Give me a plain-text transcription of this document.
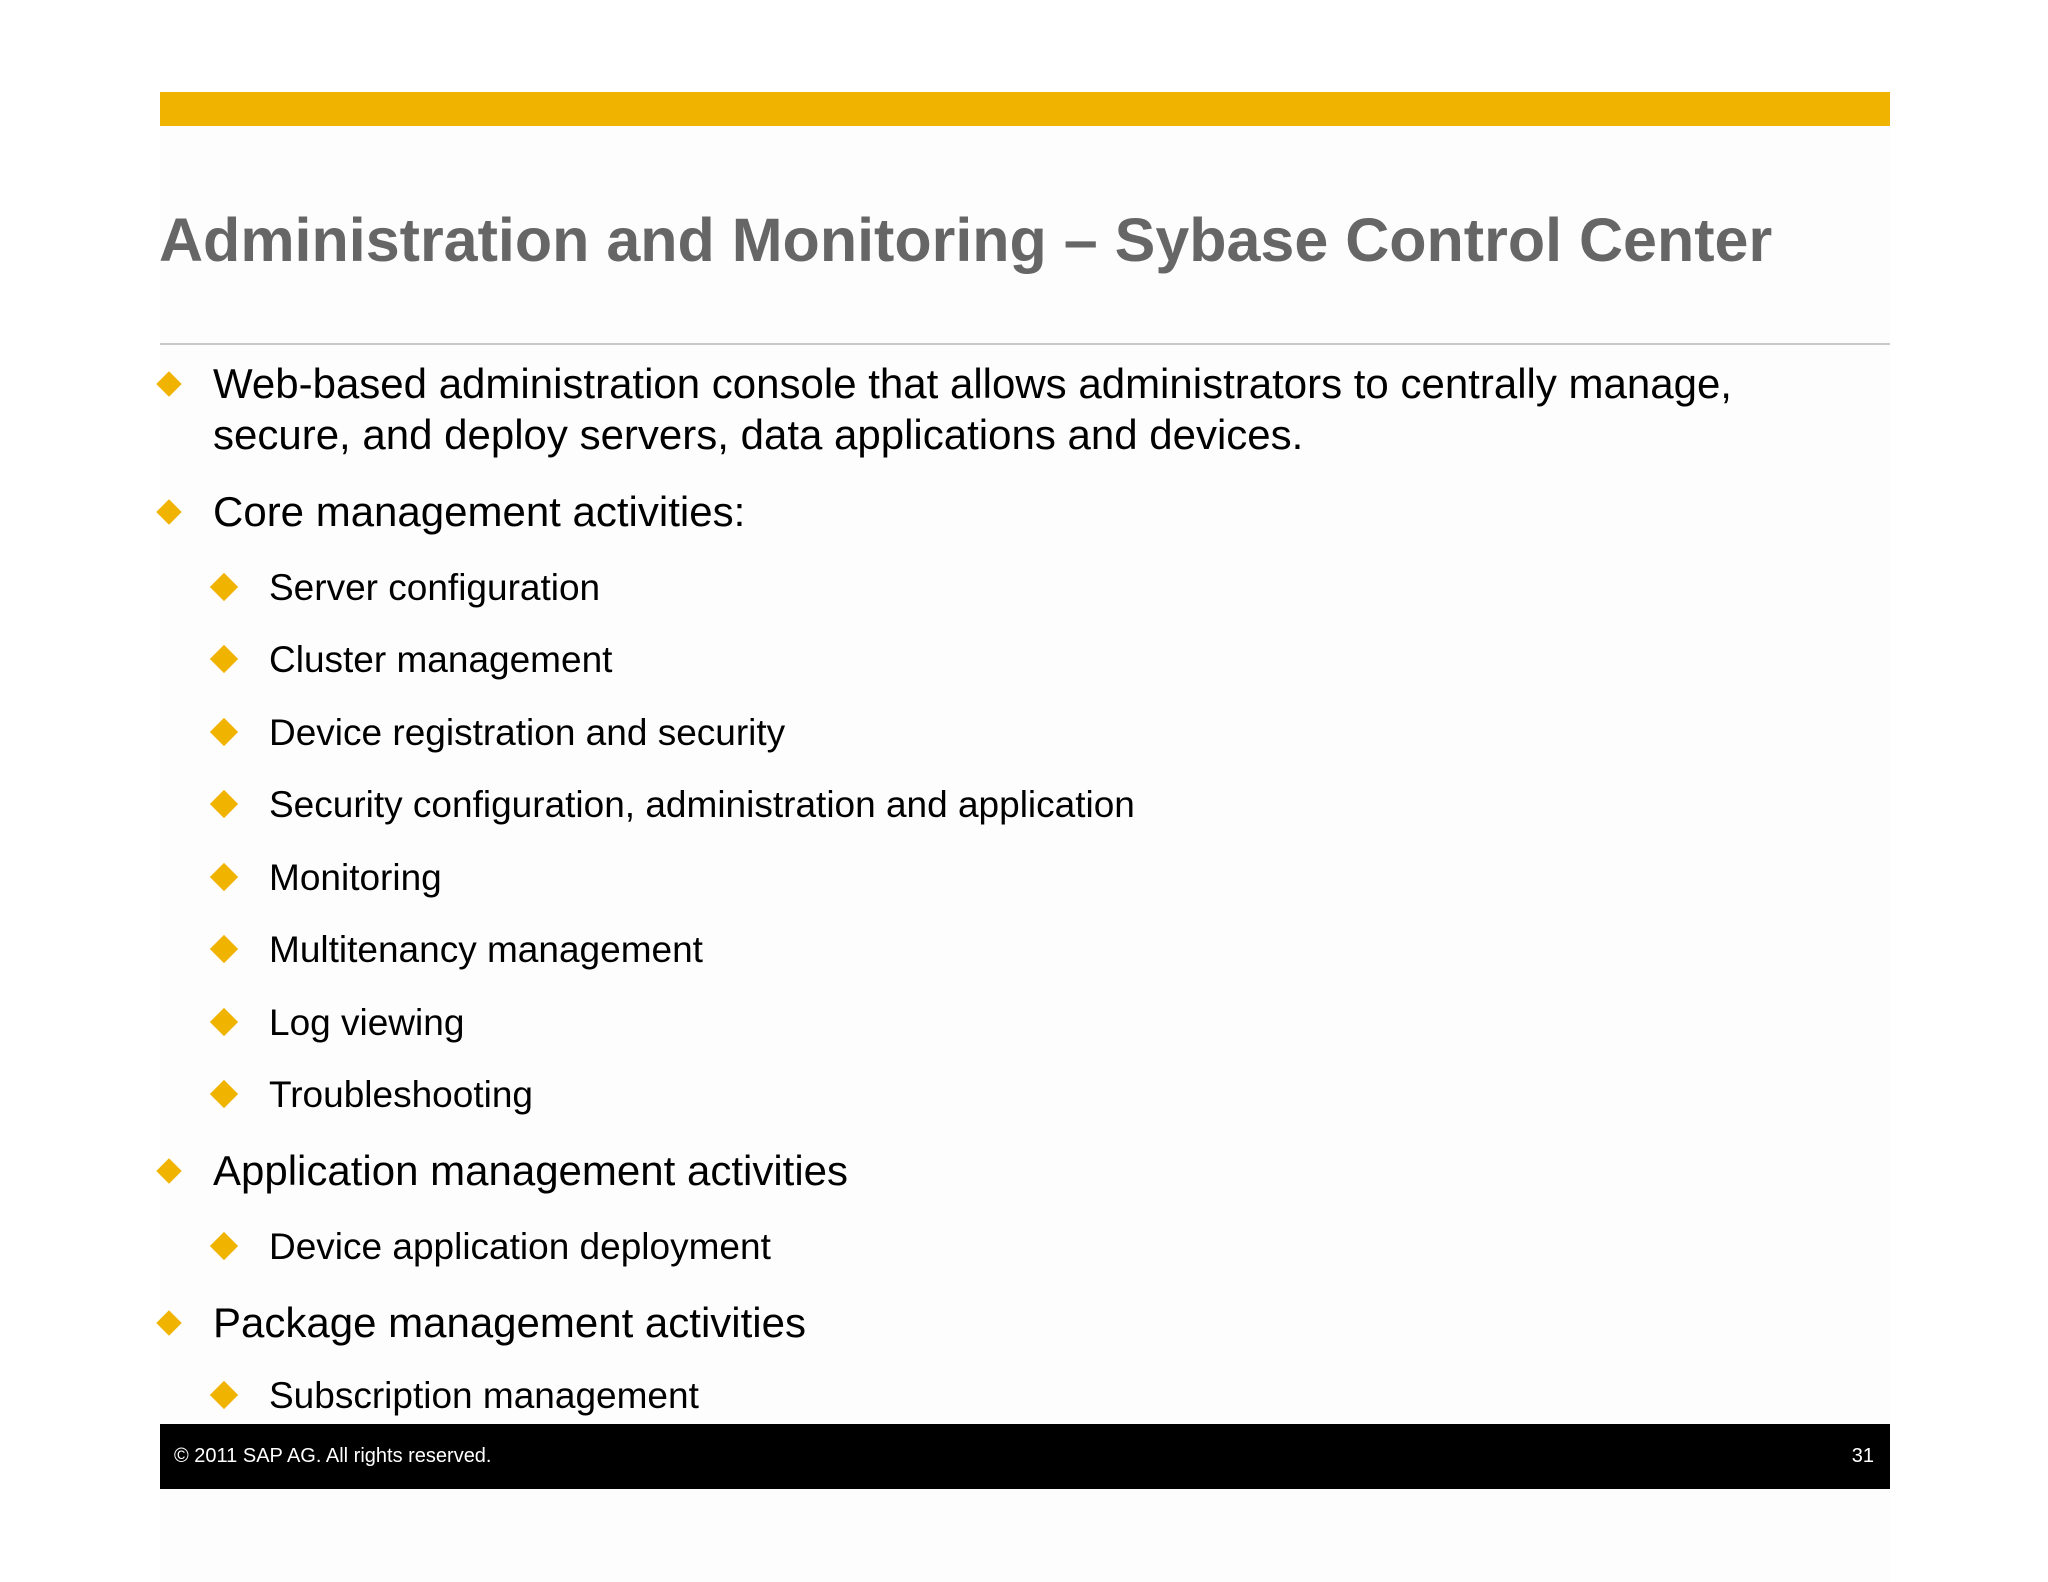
Administration and Monitoring – Sybase Control Center
Web-based administration console that allows administrators to centrally manage,
secure, and deploy servers, data applications and devices.
Core management activities:
Server configuration
Cluster management
Device registration and security
Security configuration, administration and application
Monitoring
Multitenancy management
Log viewing
Troubleshooting
Application management activities
Device application deployment
Package management activities
Subscription management
© 2011 SAP AG. All rights reserved.	31
